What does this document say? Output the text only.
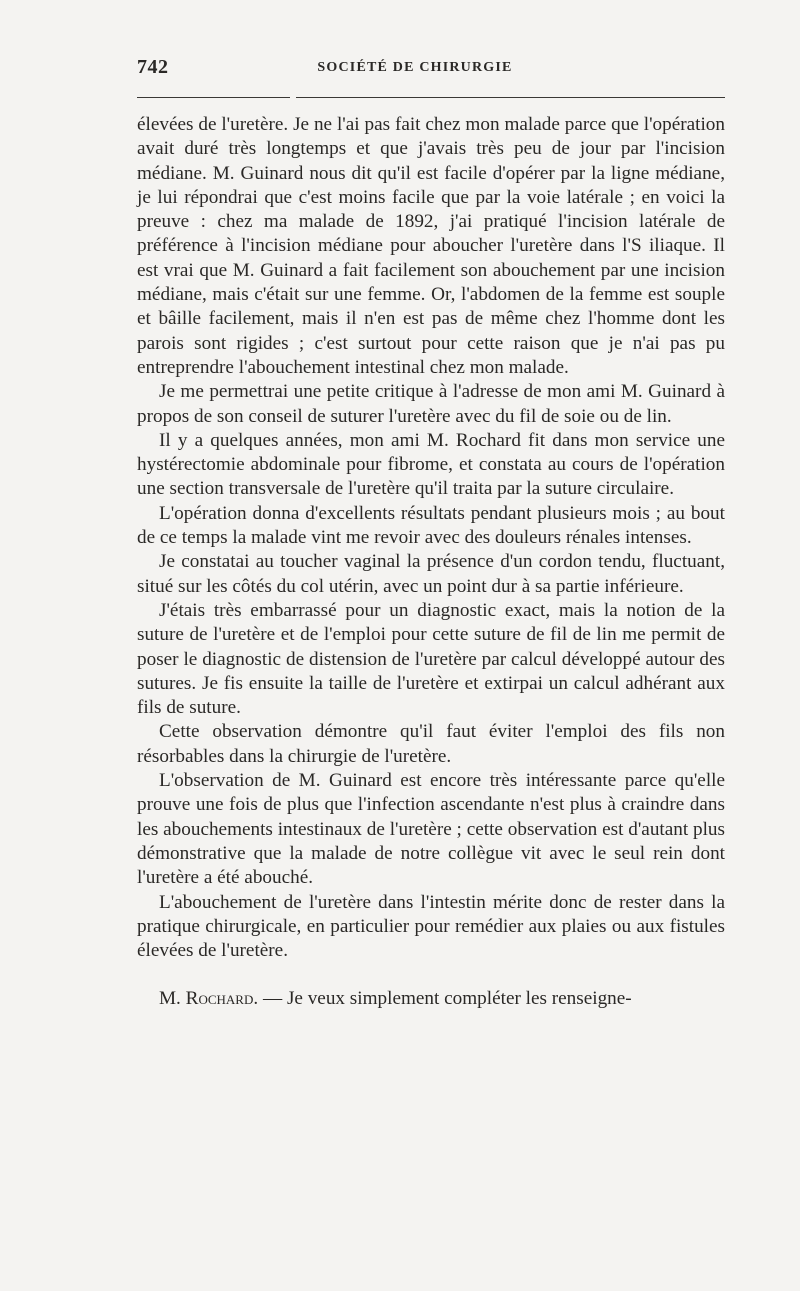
742	SOCIÉTÉ DE CHIRURGIE

élevées de l'uretère. Je ne l'ai pas fait chez mon malade parce que l'opération avait duré très longtemps et que j'avais très peu de jour par l'incision médiane. M. Guinard nous dit qu'il est facile d'opérer par la ligne médiane, je lui répondrai que c'est moins facile que par la voie latérale ; en voici la preuve : chez ma malade de 1892, j'ai pratiqué l'incision latérale de préférence à l'incision médiane pour aboucher l'uretère dans l'S iliaque. Il est vrai que M. Guinard a fait facilement son abouchement par une incision médiane, mais c'était sur une femme. Or, l'abdomen de la femme est souple et bâille facilement, mais il n'en est pas de même chez l'homme dont les parois sont rigides ; c'est surtout pour cette raison que je n'ai pas pu entreprendre l'abouchement intestinal chez mon malade.

Je me permettrai une petite critique à l'adresse de mon ami M. Guinard à propos de son conseil de suturer l'uretère avec du fil de soie ou de lin.

Il y a quelques années, mon ami M. Rochard fit dans mon service une hystérectomie abdominale pour fibrome, et constata au cours de l'opération une section transversale de l'uretère qu'il traita par la suture circulaire.

L'opération donna d'excellents résultats pendant plusieurs mois ; au bout de ce temps la malade vint me revoir avec des douleurs rénales intenses.

Je constatai au toucher vaginal la présence d'un cordon tendu, fluctuant, situé sur les côtés du col utérin, avec un point dur à sa partie inférieure.

J'étais très embarrassé pour un diagnostic exact, mais la notion de la suture de l'uretère et de l'emploi pour cette suture de fil de lin me permit de poser le diagnostic de distension de l'uretère par calcul développé autour des sutures. Je fis ensuite la taille de l'uretère et extirpai un calcul adhérant aux fils de suture.

Cette observation démontre qu'il faut éviter l'emploi des fils non résorbables dans la chirurgie de l'uretère.

L'observation de M. Guinard est encore très intéressante parce qu'elle prouve une fois de plus que l'infection ascendante n'est plus à craindre dans les abouchements intestinaux de l'uretère ; cette observation est d'autant plus démonstrative que la malade de notre collègue vit avec le seul rein dont l'uretère a été abouché.

L'abouchement de l'uretère dans l'intestin mérite donc de rester dans la pratique chirurgicale, en particulier pour remédier aux plaies ou aux fistules élevées de l'uretère.

M. Rochard. — Je veux simplement compléter les renseigne-
